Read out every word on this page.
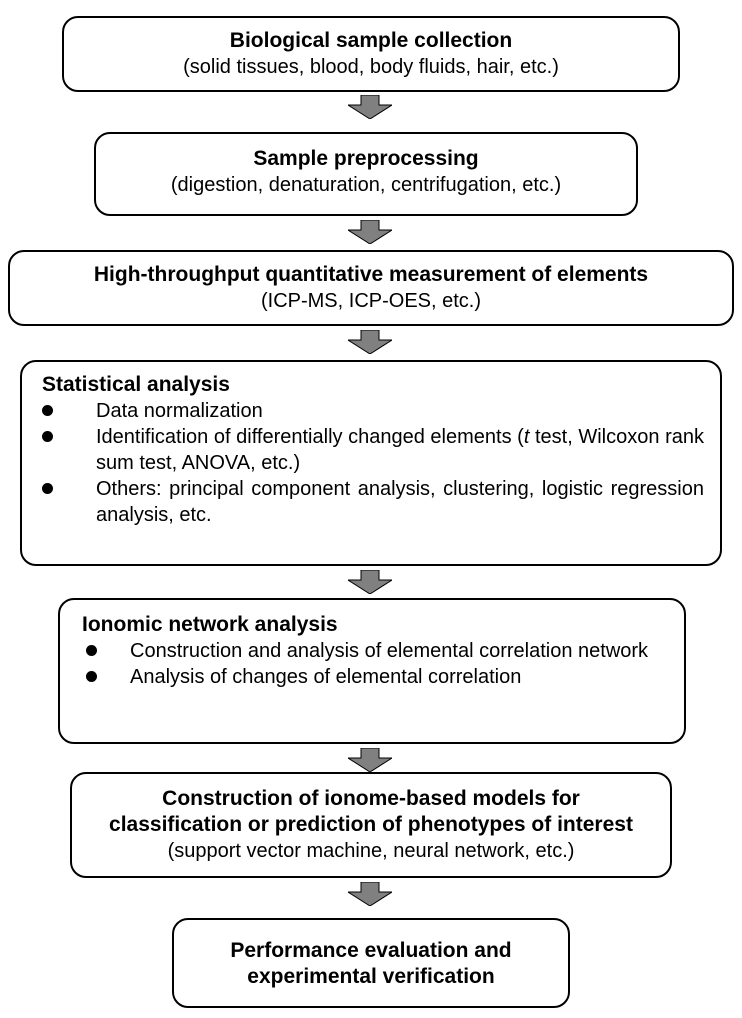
Biological sample collection
(solid tissues, blood, body fluids, hair, etc.)
Sample preprocessing
(digestion, denaturation, centrifugation, etc.)
High-throughput quantitative measurement of elements
(ICP-MS, ICP-OES, etc.)
Statistical analysis
Data normalization
Identification of differentially changed elements (t test, Wilcoxon rank sum test, ANOVA, etc.)
Others: principal component analysis, clustering, logistic regression analysis, etc.
Ionomic network analysis
Construction and analysis of elemental correlation network
Analysis of changes of elemental correlation
Construction of ionome-based models for
classification or prediction of phenotypes of interest
(support vector machine, neural network, etc.)
Performance evaluation and
experimental verification
